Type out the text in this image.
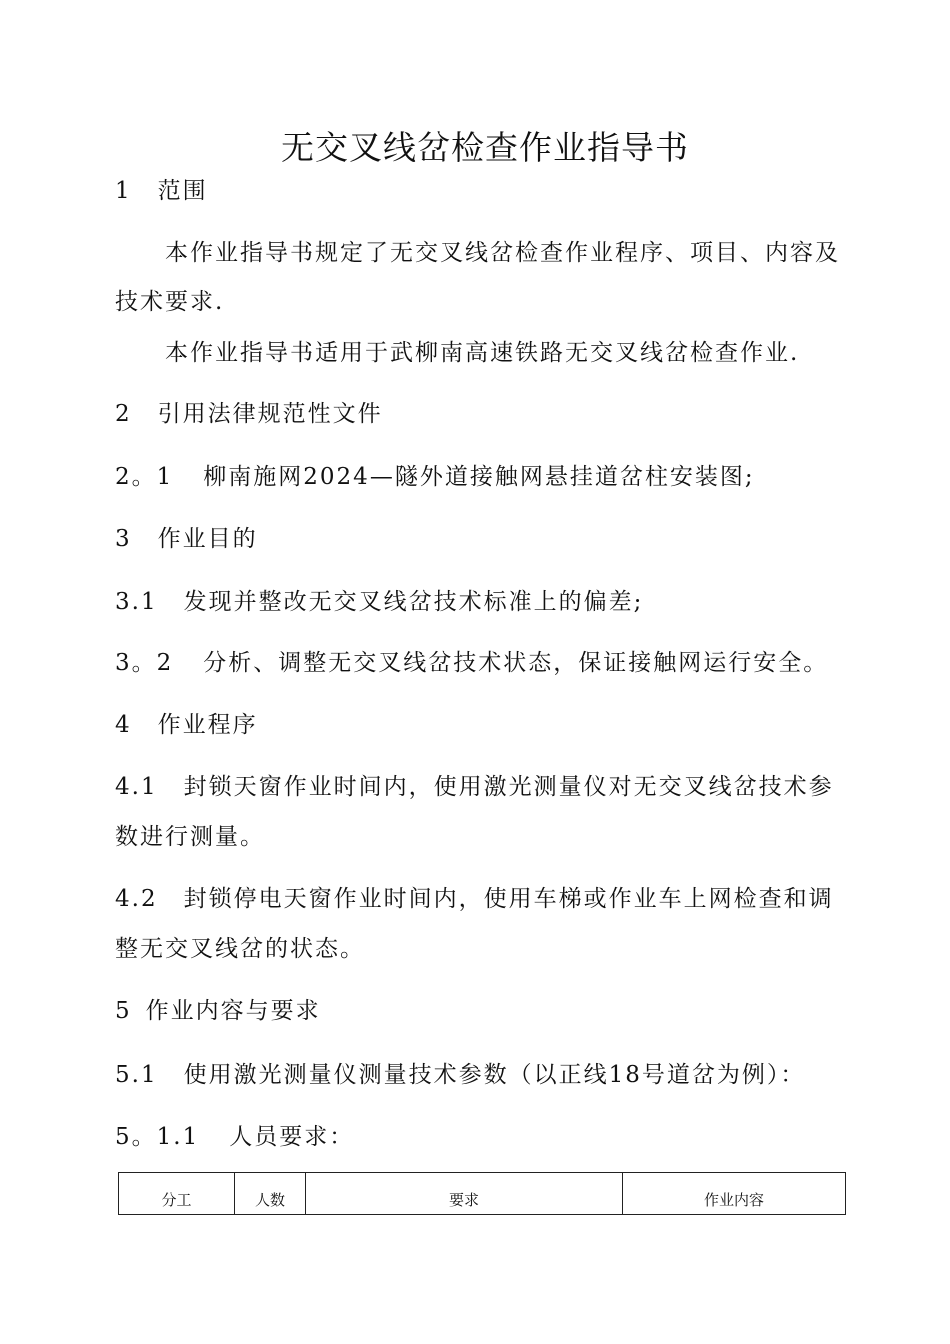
无交叉线岔检查作业指导书
1 范围
本作业指导书规定了无交叉线岔检查作业程序、项目、内容及
技术要求.
本作业指导书适用于武柳南高速铁路无交叉线岔检查作业.
2 引用法律规范性文件
2。1 柳南施网2024—隧外道接触网悬挂道岔柱安装图;
3 作业目的
3.1 发现并整改无交叉线岔技术标准上的偏差;
3。2 分析、调整无交叉线岔技术状态，保证接触网运行安全。
4 作业程序
4.1 封锁天窗作业时间内，使用激光测量仪对无交叉线岔技术参
数进行测量。
4.2 封锁停电天窗作业时间内，使用车梯或作业车上网检查和调
整无交叉线岔的状态。
5 作业内容与要求
5.1 使用激光测量仪测量技术参数（以正线18号道岔为例）：
5。1.1 人员要求：
分工	人数	要求	作业内容
